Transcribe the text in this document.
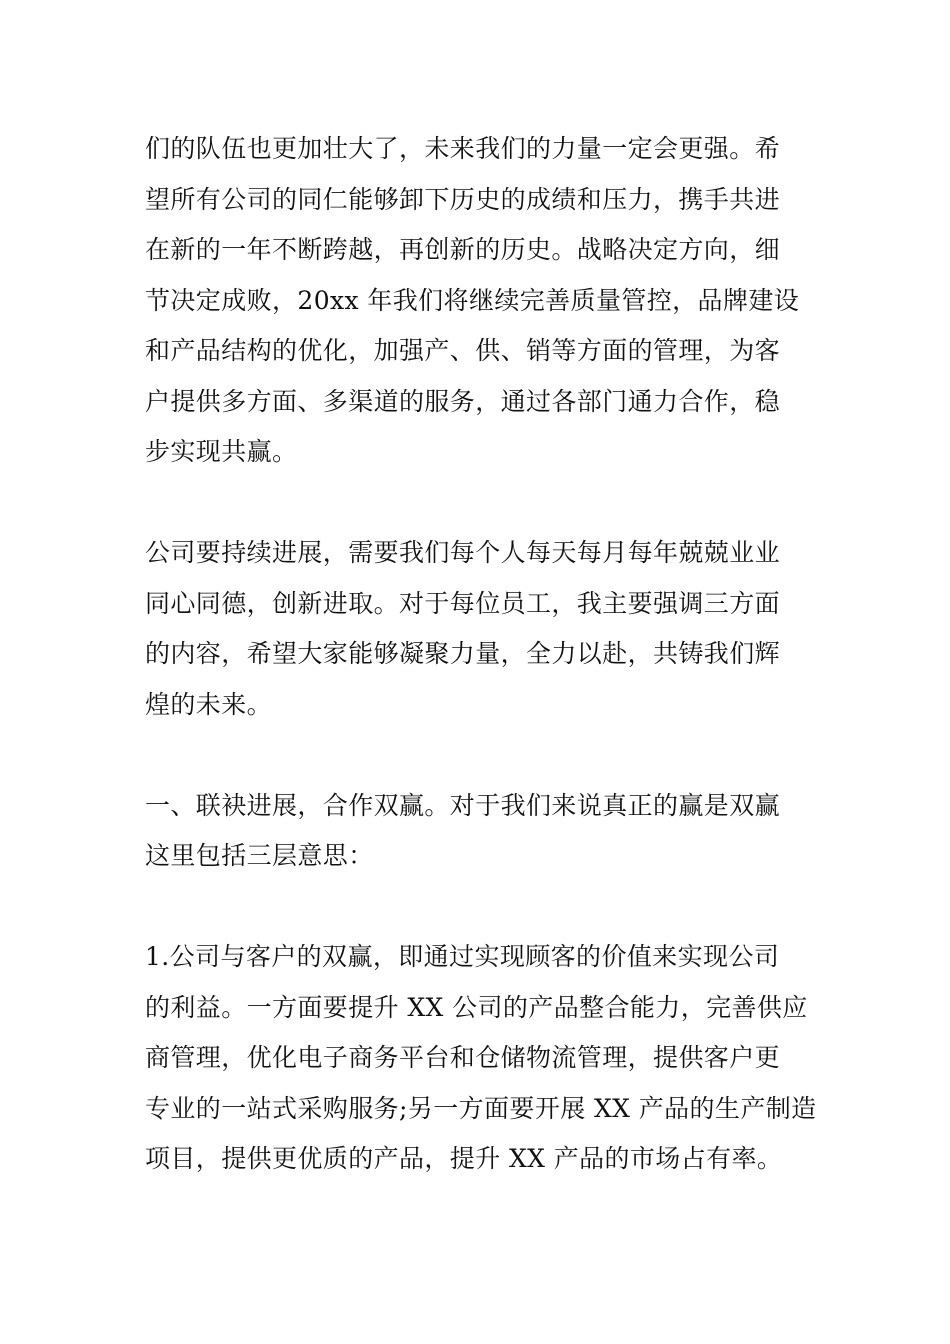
们的队伍也更加壮大了，未来我们的力量一定会更强。希
望所有公司的同仁能够卸下历史的成绩和压力，携手共进
在新的一年不断跨越，再创新的历史。战略决定方向，细
节决定成败，20xx 年我们将继续完善质量管控，品牌建设
和产品结构的优化，加强产、供、销等方面的管理，为客
户提供多方面、多渠道的服务，通过各部门通力合作，稳
步实现共赢。
公司要持续进展，需要我们每个人每天每月每年兢兢业业
同心同德，创新进取。对于每位员工，我主要强调三方面
的内容，希望大家能够凝聚力量，全力以赴，共铸我们辉
煌的未来。
一、联袂进展，合作双赢。对于我们来说真正的赢是双赢
这里包括三层意思：
1.公司与客户的双赢，即通过实现顾客的价值来实现公司
的利益。一方面要提升 XX 公司的产品整合能力，完善供应
商管理，优化电子商务平台和仓储物流管理，提供客户更
专业的一站式采购服务;另一方面要开展 XX 产品的生产制造
项目，提供更优质的产品，提升 XX 产品的市场占有率。
